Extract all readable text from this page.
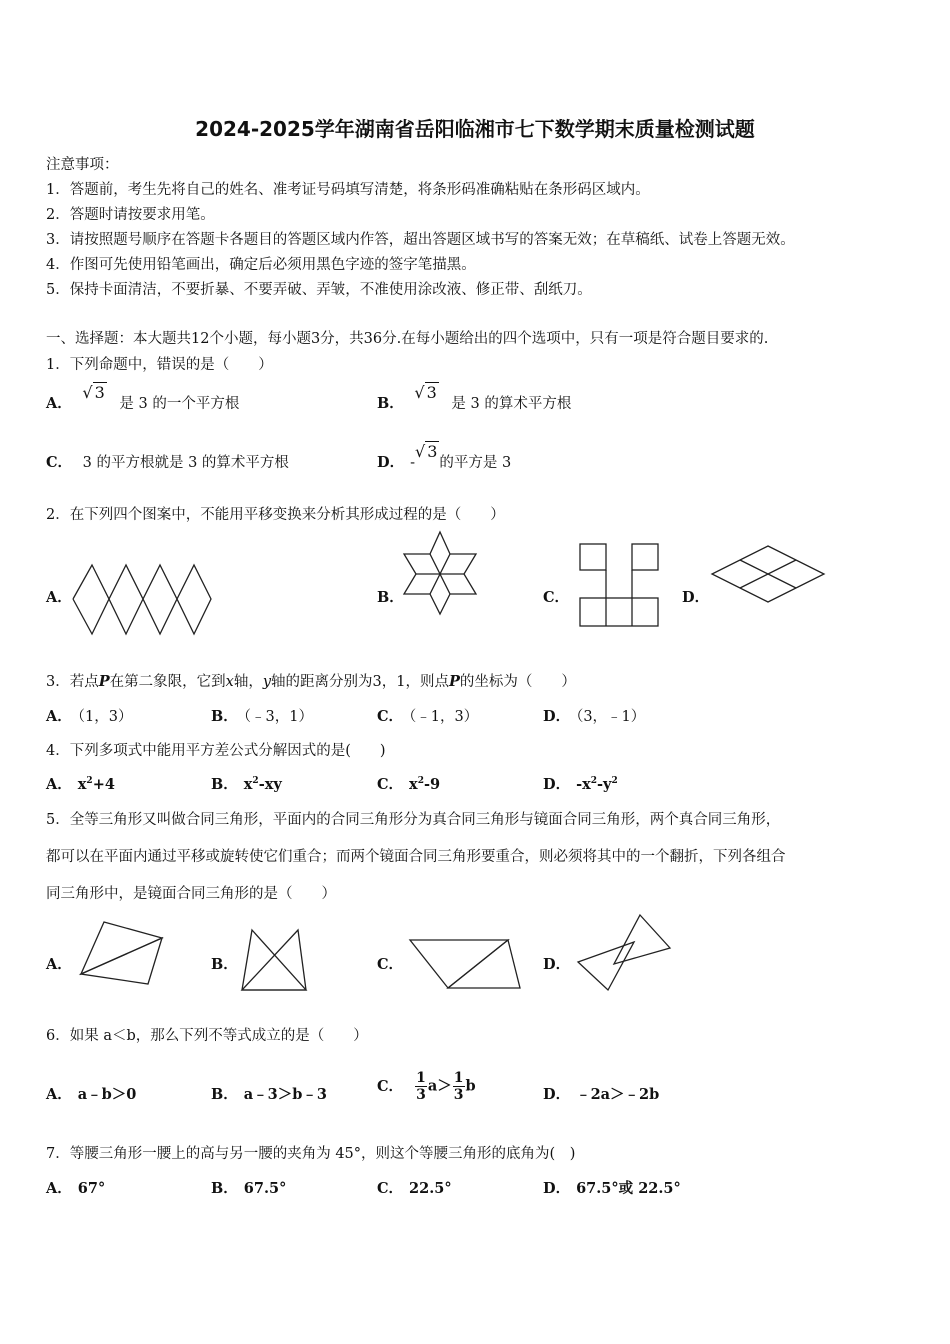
2024-2025学年湖南省岳阳临湘市七下数学期末质量检测试题
注意事项：
1．答题前，考生先将自己的姓名、准考证号码填写清楚，将条形码准确粘贴在条形码区域内。
2．答题时请按要求用笔。
3．请按照题号顺序在答题卡各题目的答题区域内作答，超出答题区域书写的答案无效；在草稿纸、试卷上答题无效。
4．作图可先使用铅笔画出，确定后必须用黑色字迹的签字笔描黑。
5．保持卡面清洁，不要折暴、不要弄破、弄皱，不准使用涂改液、修正带、刮纸刀。
一、选择题：本大题共12个小题，每小题3分，共36分.在每小题给出的四个选项中，只有一项是符合题目要求的.
1．下列命题中，错误的是（　　）
A． √ 3 是 3 的一个平方根	B． √ 3 是 3 的算术平方根
C． 3 的平方根就是 3 的算术平方根	D． -√ 3的平方是 3
2．在下列四个图案中，不能用平移变换来分析其形成过程的是（　　）
A．	B．	C．	D．
3．若点P在第二象限，它到x轴，y轴的距离分别为3，1，则点P的坐标为（　　）
A． （1，3）	B． （﹣3，1）	C． （﹣1，3）	D． （3，﹣1）
4．下列多项式中能用平方差公式分解因式的是(　　)
A． $x^2+4$	B． $x^2-xy$	C． $x^2-9$	D． $-x^2-y^2$
5．全等三角形又叫做合同三角形，平面内的合同三角形分为真合同三角形与镜面合同三角形，两个真合同三角形，
都可以在平面内通过平移或旋转使它们重合；而两个镜面合同三角形要重合，则必须将其中的一个翻折，下列各组合
同三角形中，是镜面合同三角形的是（　　）
A．	B．	C．	D．
6．如果 a＜b，那么下列不等式成立的是（　　）
A． a﹣b＞0	B． a﹣3＞b﹣3	C． $\frac{1}{3} a> \frac{1}{3}$ b	D． ﹣2a＞﹣2b
7．等腰三角形一腰上的高与另一腰的夹角为 45°，则这个等腰三角形的底角为(　)
A． 67°	B． 67.5°	C． 22.5°	D． 67.5°或 22.5°
